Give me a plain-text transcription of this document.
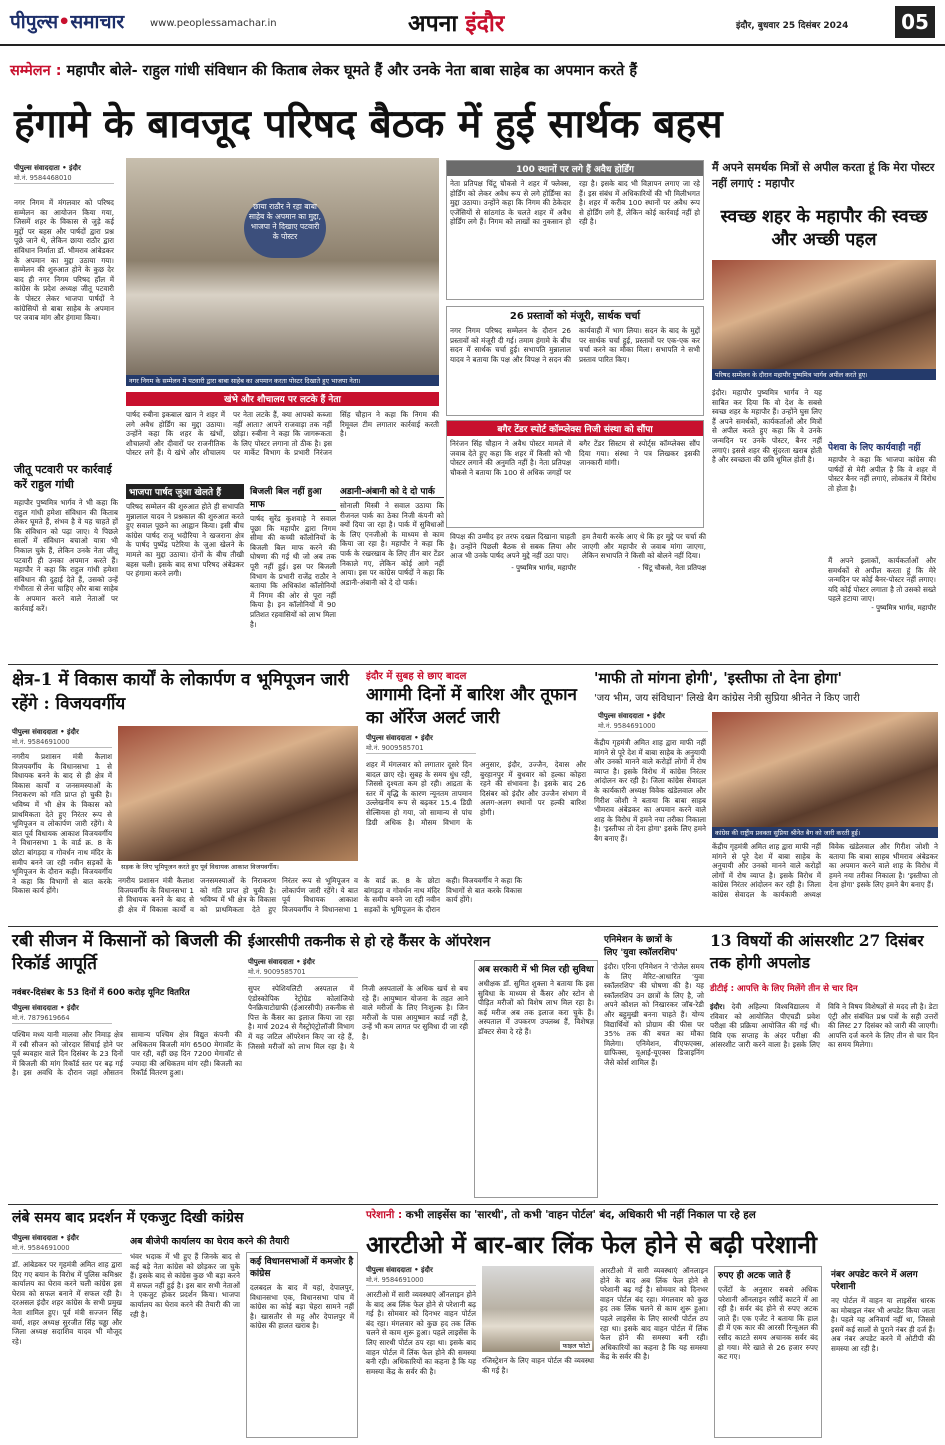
पीपुल्स•समाचार	www.peoplessamachar.in	अपना इंदौर	इंदौर, बुधवार 25 दिसंबर 2024	05
सम्मेलन : महापौर बोले- राहुल गांधी संविधान की किताब लेकर घूमते हैं और उनके नेता बाबा साहेब का अपमान करते हैं
हंगामे के बावजूद परिषद बैठक में हुई सार्थक बहस
पीपुल्स संवाददाता • इंदौर
मो.नं. 9584468010
नगर निगम में मंगलवार को परिषद सम्मेलन का आयोजन किया गया, जिसमें शहर के विकास से जुड़े कई मुद्दों पर बहस और पार्षदों द्वारा प्रश्न पूछे जाने थे, लेकिन छाया राठौर द्वारा संविधान निर्माता डॉ. भीमराव आंबेडकर के अपमान का मुद्दा उठाया गया। सम्मेलन की शुरुआत होने के कुछ देर बाद ही नगर निगम परिषद हॉल में कांग्रेस के प्रदेश अध्यक्ष जीतू पटवारी के पोस्टर लेकर भाजपा पार्षदों ने कांग्रेसियों से बाबा साहेब के अपमान पर जवाब मांग और हंगामा किया।
जीतू पटवारी पर कार्रवाई करें राहुल गांधी
महापौर पुष्यमित्र भार्गव ने भी कहा कि राहुल गांधी हमेशा संविधान की किताब लेकर घूमते हैं, संभव है वे यह चाहते हों कि संविधान को पढ़ा जाए। ये पिछले सालों में संविधान बचाओ यात्रा भी निकाल चुके हैं, लेकिन उनके नेता जीतू पटवारी ही उनका अपमान करते हैं। महापौर ने कहा कि राहुल गांधी हमेशा संविधान की दुहाई देते हैं, उसको उन्हें गंभीरता से लेना चाहिए और बाबा साहेब के अपमान करने वाले नेताओं पर कार्रवाई करें।
छाया राठौर ने रहा बाबा साहेब के अपमान का मुद्दा, भाजपा ने दिखाए पटवारी के पोस्टर
नगर निगम के सम्मेलन में पटवारी द्वारा बाबा साहेब का अपमान करता पोस्टर दिखाते हुए भाजपा नेता।
100 स्थानों पर लगे हैं अवैध होर्डिंग
नेता प्रतिपक्ष चिंटू चौकसे ने शहर में फ्लेक्स, होर्डिंग को लेकर अवैध रूप से लगे होर्डिंग्स का मुद्दा उठाया। उन्होंने कहा कि निगम की ठेकेदार एजेंसियों से सांठगांठ के चलते शहर में अवैध होर्डिंग लगे हैं। निगम को लाखों का नुकसान हो रहा है। इसके बाद भी विज्ञापन लगाए जा रहे हैं। इस संबंध में अधिकारियों की भी मिलीभगत है। शहर में करीब 100 स्थानों पर अवैध रूप से होर्डिंग लगे हैं, लेकिन कोई कार्रवाई नहीं हो रही है।
26 प्रस्तावों को मंजूरी, सार्थक चर्चा
नगर निगम परिषद सम्मेलन के दौरान 26 प्रस्तावों को मंजूरी दी गई। तमाम हंगामे के बीच सदन में सार्थक चर्चा हुई। सभापति मुन्नालाल यादव ने बताया कि पक्ष और विपक्ष ने सदन की कार्यवाही में भाग लिया। सदन के बाद के मुद्दों पर सार्थक चर्चा हुई, प्रस्तावों पर एक-एक कर चर्चा करने का मौका मिला। सभापति ने सभी प्रस्ताव पारित किए।
बगैर टेंडर स्पोर्ट कॉम्प्लेक्स निजी संस्था को सौंपा
निरंजन सिंह चौहान ने अवैध पोस्टर मामले में जवाब देते हुए कहा कि शहर में किसी को भी पोस्टर लगाने की अनुमति नहीं है। नेता प्रतिपक्ष चौकसे ने बताया कि 100 से अधिक जगहों पर बगैर टेंडर सिस्टम से स्पोर्ट्स कॉम्प्लेक्स सौंप दिया गया। संस्था ने पत्र लिखकर इसकी जानकारी मांगी।
खंभे और शौचालय पर लटके हैं नेता
पार्षद रुबीना इकबाल खान ने शहर में लगे अवैध होर्डिंग का मुद्दा उठाया। उन्होंने कहा कि शहर के खंभों, शौचालयों और दीवारों पर राजनीतिक पोस्टर लगे हैं। ये खंभे और शौचालय पर नेता लटके हैं, क्या आपको कब्जा नहीं आता? आपने राजवाड़ा तक नहीं छोड़ा। रुबीना ने कहा कि जागरूकता के लिए पोस्टर लगाना तो ठीक है। इस पर मार्केट विभाग के प्रभारी निरंजन सिंह चौहान ने कहा कि निगम की रिमूवल टीम लगातार कार्रवाई करती है।
भाजपा पार्षद जुआ खेलते हैं
परिषद सम्मेलन की शुरुआत होते ही सभापति मुन्नालाल यादव ने प्रश्नकाल की शुरुआत करते हुए सवाल पूछने का आह्वान किया। इसी बीच कांग्रेस पार्षद राजू भदौरिया ने खजराना क्षेत्र के पार्षद पुष्पेंद्र पटेरिया के जुआ खेलने के मामले का मुद्दा उठाया। दोनों के बीच तीखी बहस चली। इसके बाद सभा परिषद अंबेडकर पर हंगामा करने लगी।
बिजली बिल नहीं हुआ माफ
पार्षद सुरेंद्र कुशवाहे ने सवाल पूछा कि महापौर द्वारा निगम सीमा की कच्ची कॉलोनियों के बिजली बिल माफ करने की घोषणा की गई थी जो अब तक पूरी नहीं हुई। इस पर बिजली विभाग के प्रभारी राजेंद्र राठौर ने बताया कि अधिकांश कॉलोनियों में निगम की ओर से पूरा नहीं किया है। इन कॉलोनियों में 90 प्रतिशत रहवासियों को लाभ मिला है।
अडानी-अंबानी को दे दो पार्क
सोनाली मिस्त्री ने सवाल उठाया कि रीजनल पार्क का ठेका निजी कंपनी को क्यों दिया जा रहा है। पार्क में सुविधाओं के लिए एनजीओ के माध्यम से काम किया जा रहा है। महापौर ने कहा कि पार्क के रखरखाव के लिए तीन बार टेंडर निकाले गए, लेकिन कोई आगे नहीं आया। इस पर कांग्रेस पार्षदों ने कहा कि अडानी-अंबानी को दे दो पार्क।
विपक्ष की उम्मीद हर तरफ दखल दिखाना चाहती है। उन्होंने पिछली बैठक से सबक लिया और आज भी उनके पार्षद अपने मुद्दे नहीं उठा पाए।
- पुष्यमित्र भार्गव, महापौर
हम तैयारी करके आए थे कि हर मुद्दे पर चर्चा की जाएगी और महापौर से जवाब मांगा जाएगा, लेकिन सभापति ने किसी को बोलने नहीं दिया।
- चिंटू चौकसे, नेता प्रतिपक्ष
मैं अपने समर्थक मित्रों से अपील करता हूं कि मेरा पोस्टर नहीं लगाएं : महापौर
स्वच्छ शहर के महापौर की स्वच्छ और अच्छी पहल
परिषद सम्मेलन के दौरान महापौर पुष्यमित्र भार्गव अपील करते हुए।
इंदौर। महापौर पुष्यमित्र भार्गव ने यह साबित कर दिया कि वो देश के सबसे स्वच्छ शहर के महापौर हैं। उन्होंने घुस लिए हैं अपने समर्थकों, कार्यकर्ताओं और मित्रों से अपील करते हुए कहा कि वे उनके जन्मदिन पर उनके पोस्टर, बैनर नहीं लगाएं। इससे शहर की सुंदरता खराब होती है और स्वच्छता की छवि धूमिल होती है।
पेशवा के लिए कार्यवाही नहीं
महापौर ने कहा कि भाजपा कांग्रेस की पार्षदों से मेरी अपील है कि वे शहर में पोस्टर बैनर नहीं लगाएं, लोकतंत्र में विरोध तो होता है।
मैं अपने इलाकों, कार्यकर्ताओं और समर्थकों से अपील करता हूं कि मेरे जन्मदिन पर कोई बैनर-पोस्टर नहीं लगाए। यदि कोई पोस्टर लगाता है तो उसको सख्ते पहले हटाया जाए।
- पुष्यमित्र भार्गव, महापौर
क्षेत्र-1 में विकास कार्यों के लोकार्पण व भूमिपूजन जारी रहेंगे : विजयवर्गीय
पीपुल्स संवाददाता • इंदौर
मो.नं. 9584691000
सड़क के लिए भूमिपूजन करते हुए पूर्व विधायक आकाश विजयवर्गीय।
नगरीय प्रशासन मंत्री कैलाश विजयवर्गीय के विधानसभा 1 से विधायक बनने के बाद से ही क्षेत्र में विकास कार्यों व जनसमस्याओं के निराकरण को गति प्राप्त हो चुकी है। भविष्य में भी क्षेत्र के विकास को प्राथमिकता देते हुए निरंतर रूप से भूमिपूजन व लोकार्पण जारी रहेंगे। ये बात पूर्व विधायक आकाश विजयवर्गीय ने विधानसभा 1 के वार्ड क्र. 8 के छोटा बांगड़दा व गोवर्धन नाथ मंदिर के समीप बनने जा रही नवीन सड़कों के भूमिपूजन के दौरान कही। विजयवर्गीय ने कहा कि विभागों से बात करके विकास कार्य होंगे।
नगरीय प्रशासन मंत्री कैलाश विजयवर्गीय के विधानसभा 1 से विधायक बनने के बाद से ही क्षेत्र में विकास कार्यों व जनसमस्याओं के निराकरण को गति प्राप्त हो चुकी है। भविष्य में भी क्षेत्र के विकास को प्राथमिकता देते हुए निरंतर रूप से भूमिपूजन व लोकार्पण जारी रहेंगे। ये बात पूर्व विधायक आकाश विजयवर्गीय ने विधानसभा 1 के वार्ड क्र. 8 के छोटा बांगड़दा व गोवर्धन नाथ मंदिर के समीप बनने जा रही नवीन सड़कों के भूमिपूजन के दौरान कही। विजयवर्गीय ने कहा कि विभागों से बात करके विकास कार्य होंगे।
इंदौर में सुबह से छाए बादल
आगामी दिनों में बारिश और तूफान का ऑरेंज अलर्ट जारी
पीपुल्स संवाददाता • इंदौर
मो.नं. 9009585701
शहर में मंगलवार को लगातार दूसरे दिन बादल छाए रहे। सुबह के समय धुंध रही, जिससे दृश्यता कम हो रही। आद्रता के स्तर में वृद्धि के कारण न्यूनतम तापमान उल्लेखनीय रूप से बढ़कर 15.4 डिग्री सेल्सियस हो गया, जो सामान्य से पांच डिग्री अधिक है। मौसम विभाग के अनुसार, इंदौर, उज्जैन, देवास और बुरहानपुर में बुधवार को हल्का कोहरा रहने की संभावना है। इसके बाद 26 दिसंबर को इंदौर और उज्जैन संभाग में अलग-अलग स्थानों पर हल्की बारिश होगी।
'माफी तो मांगना होगी', 'इस्तीफा तो देना होगा'
'जय भीम, जय संविधान' लिखे बैग कांग्रेस नेत्री सुप्रिया श्रीनेत ने किए जारी
पीपुल्स संवाददाता • इंदौर
मो.नं. 9584691000
केंद्रीय गृहमंत्री अमित शाह द्वारा माफी नहीं मांगने से पूरे देश में बाबा साहेब के अनुयायी और उनको मानने वाले करोड़ों लोगों में रोष व्याप्त है। इसके विरोध में कांग्रेस निरंतर आंदोलन कर रही है। जिला कांग्रेस सेवादल के कार्यकारी अध्यक्ष विवेक खंडेलवाल और गिरीश जोशी ने बताया कि बाबा साहब भीमराव अंबेडकर का अपमान करने वाले शाह के विरोध में हमने नया तरीका निकाला है। 'इस्तीफा तो देना होगा' इसके लिए हमने बैग बनाए हैं।
कांग्रेस की राष्ट्रीय प्रवक्ता सुप्रिया श्रीनेत बैग को जारी करती हुई।
केंद्रीय गृहमंत्री अमित शाह द्वारा माफी नहीं मांगने से पूरे देश में बाबा साहेब के अनुयायी और उनको मानने वाले करोड़ों लोगों में रोष व्याप्त है। इसके विरोध में कांग्रेस निरंतर आंदोलन कर रही है। जिला कांग्रेस सेवादल के कार्यकारी अध्यक्ष विवेक खंडेलवाल और गिरीश जोशी ने बताया कि बाबा साहब भीमराव अंबेडकर का अपमान करने वाले शाह के विरोध में हमने नया तरीका निकाला है। 'इस्तीफा तो देना होगा' इसके लिए हमने बैग बनाए हैं।
रबी सीजन में किसानों को बिजली की रिकॉर्ड आपूर्ति
नवंबर-दिसंबर के 53 दिनों में 600 करोड़ यूनिट वितरित
पीपुल्स संवाददाता • इंदौर
मो.नं. 7879619664
पश्चिम मध्य यानी मालवा और निमाड़ क्षेत्र में रबी सीजन को जोरदार सिंचाई होने पर पूर्व ब्यवहार वाले दिन दिसंबर के 23 दिनों में बिजली की मांग रिकॉर्ड स्तर पर बढ़ गई है। इस अवधि के दौरान जहां औसतन सामान्य पश्चिम क्षेत्र विद्युत कंपनी की अधिकतम बिजली मांग 6500 मेगावॉट के पार रही, वहीं छह दिन 7200 मेगावॉट से ज्यादा की अधिकतम मांग रही। बिजली का रिकॉर्ड वितरण हुआ।
ईआरसीपी तकनीक से हो रहे कैंसर के ऑपरेशन
पीपुल्स संवाददाता • इंदौर
मो.नं. 9009585701
सुपर स्पेशियलिटी अस्पताल में एंडोस्कोपिक रेट्रोग्रेड कोलांजियो पैनक्रियाटोग्राफी (ईआरसीपी) तकनीक से पित्त के कैंसर का इलाज किया जा रहा है। मार्च 2024 से गैस्ट्रोएंट्रोलॉजी विभाग में यह जटिल ऑपरेशन किए जा रहे हैं, जिससे मरीजों को लाभ मिल रहा है। ये निजी अस्पतालों के अधिक खर्च से बच रहे हैं। आयुष्मान योजना के तहत आने वाले मरीजों के लिए निःशुल्क है। जिन मरीजों के पास आयुष्मान कार्ड नहीं है, उन्हें भी कम लागत पर सुविधा दी जा रही है।
अब सरकारी में भी मिल रही सुविधा
अधीक्षक डॉ. सुमित शुक्ला ने बताया कि इस सुविधा के माध्यम से कैंसर और स्टोन से पीड़ित मरीजों को विशेष लाभ मिल रहा है। कई मरीज अब तक इलाज करा चुके हैं। अस्पताल में उपकरण उपलब्ध हैं, विशेषज्ञ डॉक्टर सेवा दे रहे हैं।
एनिमेशन के छात्रों के
लिए 'युवा स्कॉलरशिप'
इंदौर। एरिना एनिमेशन ने 'रोजेल समय के लिए मेरिट-आधारित 'युवा स्कॉलरशिप' की घोषणा की है। यह स्कॉलरशिप उन छात्रों के लिए है, जो अपने कौशल को निखारकर जॉब-रेडी और बहुमुखी बनना चाहते हैं। योग्य विद्यार्थियों को प्रोग्राम की फीस पर 35% तक की बचत का मौका मिलेगा। एनिमेशन, वीएफएक्स, ग्राफिक्स, यूआई-यूएक्स डिजाइनिंग जैसे कोर्स शामिल हैं।
13 विषयों की आंसरशीट 27 दिसंबर तक होगी अपलोड
डीटीई : आपत्ति के लिए मिलेंगे तीन से चार दिन
इंदौर। देवी अहिल्या विश्वविद्यालय में रविवार को आयोजित पीएचडी प्रवेश परीक्षा की प्रक्रिया आयोजित की गई थी। विवि एक सप्ताह के अंदर परीक्षा की आंसरशीट जारी करने वाला है। इसके लिए विवि ने विषय विशेषज्ञों से मदद ली है। डेटा एंट्री और संबंधित प्रश्न पत्रों के सही उत्तरों की लिस्ट 27 दिसंबर को जारी की जाएगी। आपत्ति दर्ज करने के लिए तीन से चार दिन का समय मिलेगा।
लंबे समय बाद प्रदर्शन में एकजुट दिखी कांग्रेस
पीपुल्स संवाददाता • इंदौर
मो.नं. 9584691000
डॉ. आंबेडकर पर गृहमंत्री अमित शाह द्वारा दिए गए बयान के विरोध में पुलिस कमिश्नर कार्यालय का घेराव करने चली कांग्रेस इस घेराव को सफल बनाने में सफल रही है। दरअसल इंदौर शहर कांग्रेस के सभी प्रमुख नेता शामिल हुए। पूर्व मंत्री सज्जन सिंह वर्मा, शहर अध्यक्ष सुरजीत सिंह चड्ढा और जिला अध्यक्ष सदाशिव यादव भी मौजूद रहे।
अब बीजेपी कार्यालय का घेराव करने की तैयारी
भंवर भदाक में भी हुए हैं जिनके बाद से कई बड़े नेता कांग्रेस को छोड़कर जा चुके हैं। इसके बाद से कांग्रेस कुछ भी बड़ा करने में सफल नहीं हुई है। इस बार सभी नेताओं ने एकजुट होकर प्रदर्शन किया। भाजपा कार्यालय का घेराव करने की तैयारी की जा रही है।
कई विधानसभाओं में कमजोर है कांग्रेस
दलबदल के बाद में यहां, देपालपुर, विधानसभा एक, विधानसभा पांच में कांग्रेस का कोई बड़ा चेहरा सामने नहीं है। खासतौर से महू और देपालपुर में कांग्रेस की हालत खराब है।
परेशानी : कभी लाइसेंस का 'सारथी', तो कभी 'वाहन पोर्टल' बंद, अधिकारी भी नहीं निकाल पा रहे हल
आरटीओ में बार-बार लिंक फेल होने से बढ़ी परेशानी
पीपुल्स संवाददाता • इंदौर
मो.नं. 9584691000
आरटीओ में सारी व्यवस्थाएं ऑनलाइन होने के बाद अब लिंक फेल होने से परेशानी बढ़ गई है। सोमवार को दिनभर वाहन पोर्टल बंद रहा। मंगलवार को कुछ हद तक लिंक चलने से काम शुरू हुआ। पहले लाइसेंस के लिए सारथी पोर्टल ठप रहा था। इसके बाद वाहन पोर्टल में लिंक फेल होने की समस्या बनी रही। अधिकारियों का कहना है कि यह समस्या केंद्र के सर्वर की है।
फाइल फोटो
रजिस्ट्रेशन के लिए वाहन पोर्टल की व्यवस्था की गई है।
आरटीओ में सारी व्यवस्थाएं ऑनलाइन होने के बाद अब लिंक फेल होने से परेशानी बढ़ गई है। सोमवार को दिनभर वाहन पोर्टल बंद रहा। मंगलवार को कुछ हद तक लिंक चलने से काम शुरू हुआ। पहले लाइसेंस के लिए सारथी पोर्टल ठप रहा था। इसके बाद वाहन पोर्टल में लिंक फेल होने की समस्या बनी रही। अधिकारियों का कहना है कि यह समस्या केंद्र के सर्वर की है।
रुपए ही अटक जाते हैं
एजेंटों के अनुसार सबसे अधिक परेशानी ऑनलाइन रसीदें काटने में आ रही है। सर्वर बंद होने से रुपए अटक जाते हैं। एक एजेंट ने बताया कि हाल ही में एक कार की आरसी रिन्यूअल की रसीद काटते समय अचानक सर्वर बंद हो गया। मेरे खाते से 26 हजार रुपए कट गए।
नंबर अपडेट करने में अलग परेशानी
नए पोर्टल में वाहन या लाइसेंस धारक का मोबाइल नंबर भी अपडेट किया जाता है। पहले यह अनिवार्य नहीं था, जिससे इसमें कई सालों से पुराने नंबर ही दर्ज हैं। अब नंबर अपडेट करने में ओटीपी की समस्या आ रही है।
